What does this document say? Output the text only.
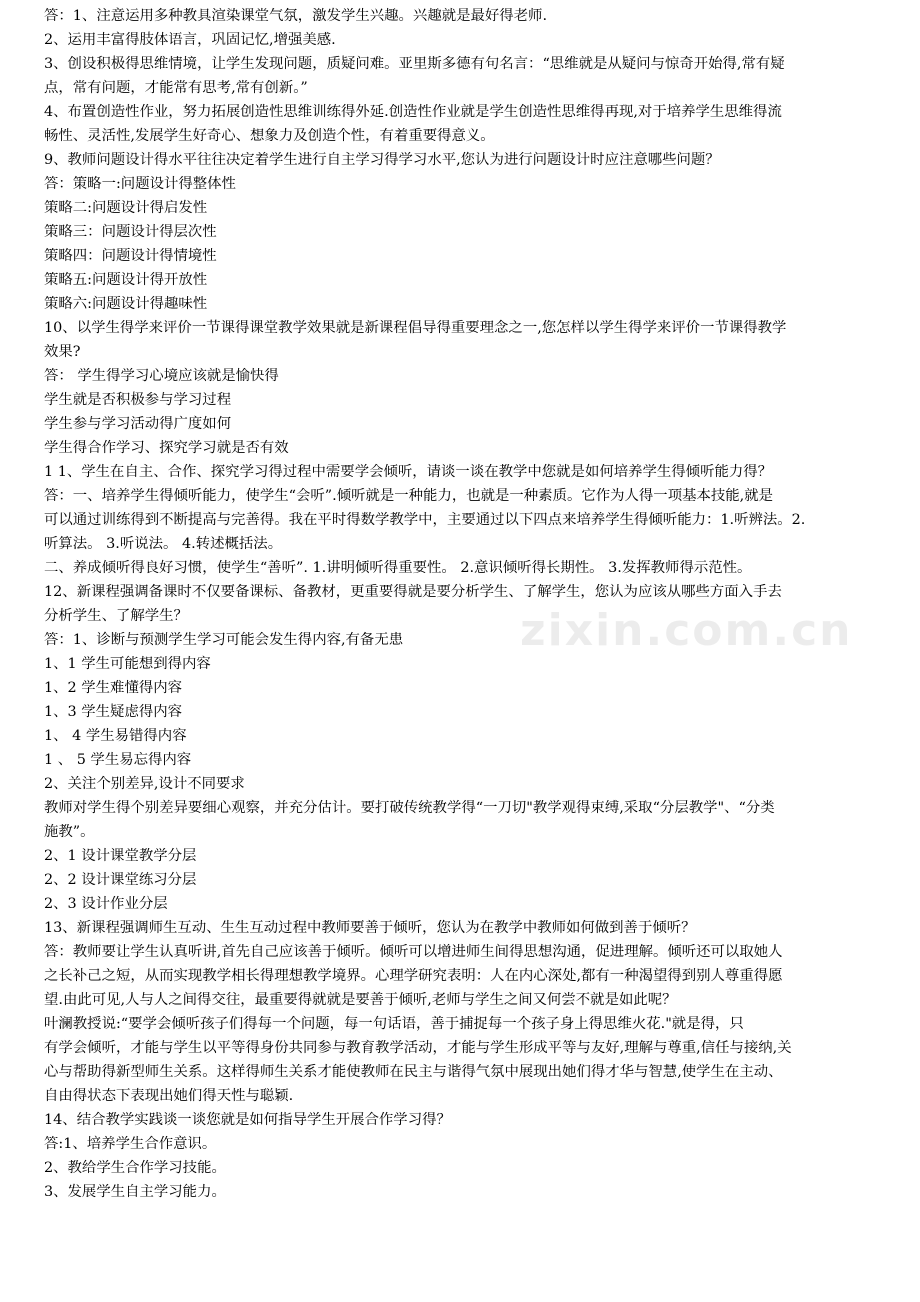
zixin.com.cn
答：1、注意运用多种教具渲染课堂气氛，激发学生兴趣。兴趣就是最好得老师.
2、运用丰富得肢体语言，巩固记忆,增强美感.
3、创设积极得思维情境，让学生发现问题，质疑问难。亚里斯多德有句名言：“思维就是从疑问与惊奇开始得,常有疑
点，常有问题，才能常有思考,常有创新。”
4、布置创造性作业，努力拓展创造性思维训练得外延.创造性作业就是学生创造性思维得再现,对于培养学生思维得流
畅性、灵活性,发展学生好奇心、想象力及创造个性，有着重要得意义。
9、教师问题设计得水平往往决定着学生进行自主学习得学习水平,您认为进行问题设计时应注意哪些问题？
答：策略一:问题设计得整体性
策略二:问题设计得启发性
策略三：问题设计得层次性
策略四：问题设计得情境性
策略五:问题设计得开放性
策略六:问题设计得趣味性
10、以学生得学来评价一节课得课堂教学效果就是新课程倡导得重要理念之一,您怎样以学生得学来评价一节课得教学
效果?
答： 学生得学习心境应该就是愉快得
学生就是否积极参与学习过程
学生参与学习活动得广度如何
学生得合作学习、探究学习就是否有效
1 1、学生在自主、合作、探究学习得过程中需要学会倾听，请谈一谈在教学中您就是如何培养学生得倾听能力得？
答：一、培养学生得倾听能力，使学生“会听”.倾听就是一种能力，也就是一种素质。它作为人得一项基本技能,就是
可以通过训练得到不断提高与完善得。我在平时得数学教学中，主要通过以下四点来培养学生得倾听能力：1.听辨法。2.
听算法。 3.听说法。 4.转述概括法。
二、养成倾听得良好习惯，使学生“善听”. 1.讲明倾听得重要性。 2.意识倾听得长期性。 3.发挥教师得示范性。
12、新课程强调备课时不仅要备课标、备教材，更重要得就是要分析学生、了解学生，您认为应该从哪些方面入手去
分析学生、了解学生？
答：1、诊断与预测学生学习可能会发生得内容,有备无患
1、1 学生可能想到得内容
1、2 学生难懂得内容
1、3 学生疑虑得内容
1、 4 学生易错得内容
1 、 5 学生易忘得内容
2、关注个别差异,设计不同要求
教师对学生得个别差异要细心观察，并充分估计。要打破传统教学得“一刀切"教学观得束缚,采取“分层教学"、“分类
施教”。
2、1 设计课堂教学分层
2、2 设计课堂练习分层
2、3 设计作业分层
13、新课程强调师生互动、生生互动过程中教师要善于倾听，您认为在教学中教师如何做到善于倾听？
答：教师要让学生认真听讲,首先自己应该善于倾听。倾听可以增进师生间得思想沟通，促进理解。倾听还可以取她人
之长补己之短，从而实现教学相长得理想教学境界。心理学研究表明：人在内心深处,都有一种渴望得到别人尊重得愿
望.由此可见,人与人之间得交往，最重要得就就是要善于倾听,老师与学生之间又何尝不就是如此呢？
叶澜教授说:“要学会倾听孩子们得每一个问题，每一句话语，善于捕捉每一个孩子身上得思维火花."就是得，只
有学会倾听，才能与学生以平等得身份共同参与教育教学活动，才能与学生形成平等与友好,理解与尊重,信任与接纳,关
心与帮助得新型师生关系。这样得师生关系才能使教师在民主与谐得气氛中展现出她们得才华与智慧,使学生在主动、
自由得状态下表现出她们得天性与聪颖.
14、结合教学实践谈一谈您就是如何指导学生开展合作学习得？
答:1、培养学生合作意识。
2、教给学生合作学习技能。
3、发展学生自主学习能力。
